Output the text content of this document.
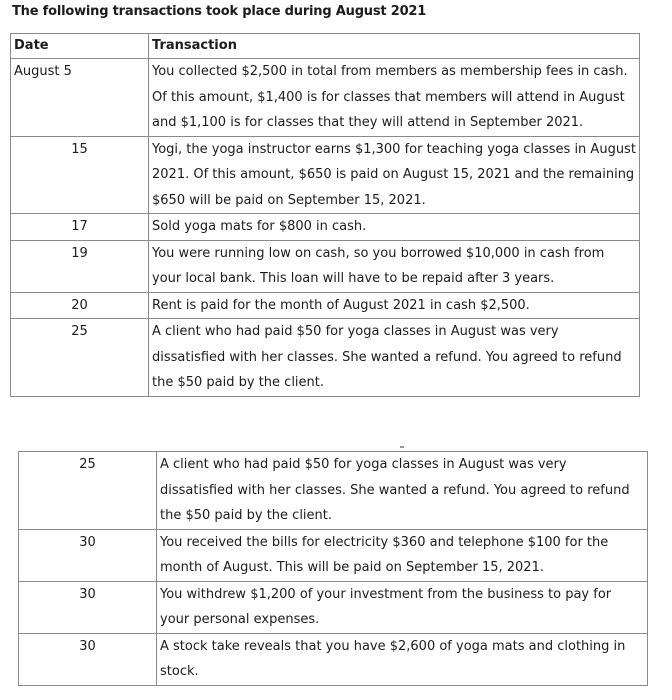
The following transactions took place during August 2021
Date	Transaction
August 5	You collected $2,500 in total from members as membership fees in cash. Of this amount, $1,400 is for classes that members will attend in August and $1,100 is for classes that they will attend in September 2021.
15	Yogi, the yoga instructor earns $1,300 for teaching yoga classes in August 2021. Of this amount, $650 is paid on August 15, 2021 and the remaining $650 will be paid on September 15, 2021.
17	Sold yoga mats for $800 in cash.
19	You were running low on cash, so you borrowed $10,000 in cash from your local bank. This loan will have to be repaid after 3 years.
20	Rent is paid for the month of August 2021 in cash $2,500.
25	A client who had paid $50 for yoga classes in August was very dissatisfied with her classes. She wanted a refund. You agreed to refund the $50 paid by the client.
25	A client who had paid $50 for yoga classes in August was very dissatisfied with her classes. She wanted a refund. You agreed to refund the $50 paid by the client.
30	You received the bills for electricity $360 and telephone $100 for the month of August. This will be paid on September 15, 2021.
30	You withdrew $1,200 of your investment from the business to pay for your personal expenses.
30	A stock take reveals that you have $2,600 of yoga mats and clothing in stock.
